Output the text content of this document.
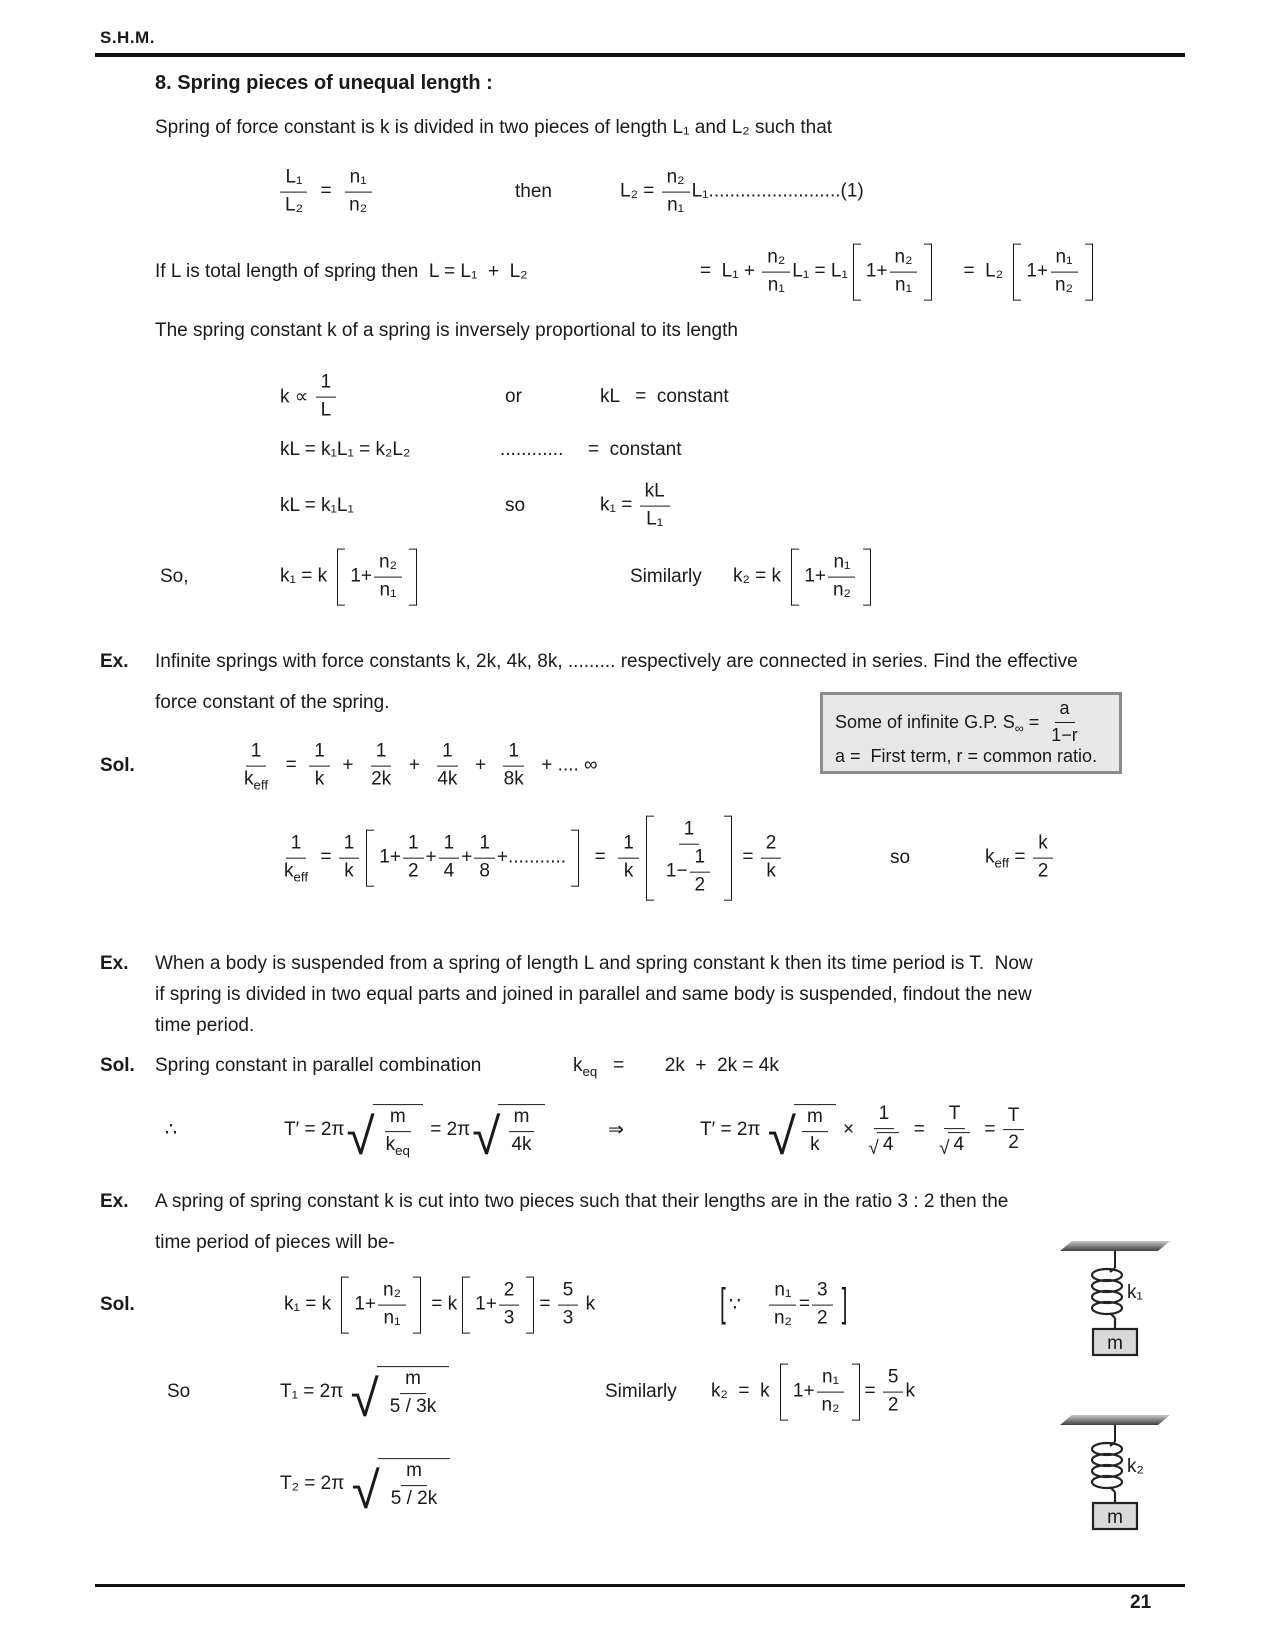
S.H.M.
8. Spring pieces of unequal length :
Spring of force constant is k is divided in two pieces of length L₁ and L₂ such that
$\frac{\text{L₁}}{\text{L₂}} = \frac{\text{n₁}}{\text{n₂}}$	then	$L_2 = \frac{\text{n₂}}{\text{n₁}} L_1.........................(1)$
If L is total length of spring then  L = L₁  +  L₂	=  $L_1 + \frac{\text{n₂}}{\text{n₁}} L_1 = L_1$ $1+ \frac{\text{n₂}}{\text{n₁}} = L_2$ $1+ \frac{\text{n₁}}{\text{n₂}}$
The spring constant k of a spring is inversely proportional to its length
$k \propto \frac{1}{L}$	or	kL   =  constant
kL = k₁L₁ = k₂L₂	............ =  constant
kL = k₁L₁	so	$k_1 = \frac{kL}{\text{L₁}}$
So,	k₁ = k $1+ \frac{\text{n₂}}{\text{n₁}}$	Similarly k₂ = k $1+ \frac{\text{n₁}}{\text{n₂}}$
Ex. Infinite springs with force constants k, 2k, 4k, 8k, ......... respectively are connected in series. Find the effective
force constant of the spring.
Some of infinite G.P. S $_\infty = \frac{a}{1-r}$
a =  First term, r = common ratio.
Sol.	$\frac{1}{k_{eff}} = \frac{1}{k} + \frac{1}{2k} + \frac{1}{4k} + \frac{1}{8k}$ + .... ∞
$\frac{1}{k_{eff}} = \frac{1}{k} 1+ \frac{1}{2} + \frac{1}{4} + \frac{1}{8}$ +........... = $\frac{1}{k} \frac{1}{1- \frac{1}{2}} = \frac{2}{k}$	so	$k_{eff} = \frac{k}{2}$
Ex. When a body is suspended from a spring of length L and spring constant k then its time period is T.  Now
if spring is divided in two equal parts and joined in parallel and same body is suspended, findout the new
time period.
Sol. Spring constant in parallel combination	$k_{eq} = 2k + 2k = 4k$
∴	T′ = 2π √ $\frac{m}{k_{eq}} = 2\pi$ √ $\frac{m}{4k}$	⇒	T′ = 2π √ $\frac{m}{k} \times \frac{1}{√ 4} = \frac{T}{√ 4} = \frac{T}{2}$
Ex. A spring of spring constant k is cut into two pieces such that their lengths are in the ratio 3 : 2 then the
time period of pieces will be-
Sol.	k₁ = k $1+ \frac{\text{n₂}}{\text{n₁}} = k$ $1+ \frac{2}{3} = \frac{5}{3}$ k	[ ∵ $\frac{\text{n₁}}{\text{n₂}} = \frac{3}{2}$ ]
So	T₁ = 2π √ $\frac{m}{5 / 3k}$	Similarly k₂  =  k $1+ \frac{\text{n₁}}{\text{n₂}} = \frac{5}{2}$ k
T₂ = 2π √ $\frac{m}{5 / 2k}$
k₁
m
k₂
m
21
